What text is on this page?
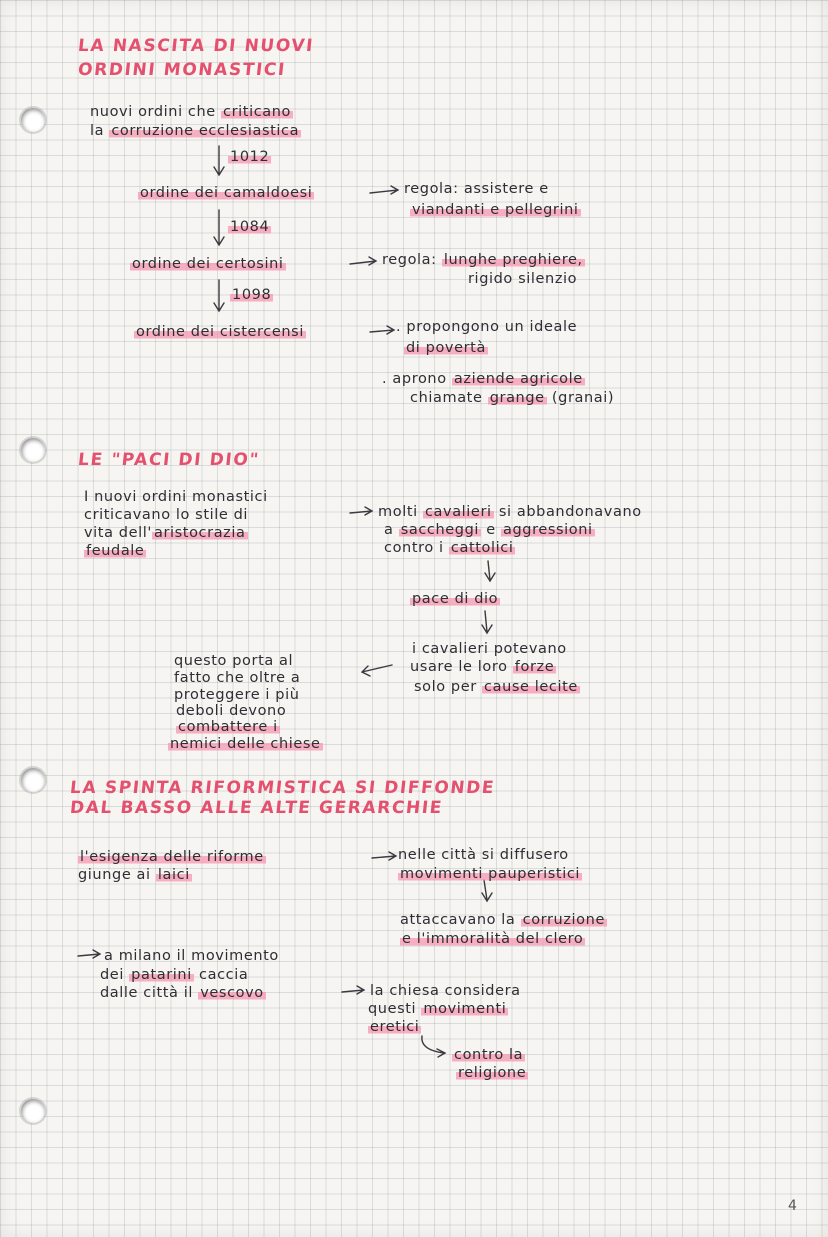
LA NASCITA DI NUOVI
ORDINI MONASTICI
nuovi ordini che criticano
la corruzione ecclesiastica
1012
ordine dei camaldoesi	regola: assistere e
viandanti e pellegrini
1084
ordine dei certosini	regola: lunghe preghiere,
rigido silenzio
1098
ordine dei cistercensi	. propongono un ideale
di povertà
. aprono aziende agricole
chiamate grange (granai)
LE "PACI DI DIO"
I nuovi ordini monastici
criticavano lo stile di
vita dell' aristocrazia
feudale
molti cavalieri si abbandonavano
a saccheggi e aggressioni
contro i cattolici
pace di dio
i cavalieri potevano
usare le loro forze
solo per cause lecite
questo porta al
fatto che oltre a
proteggere i più
deboli devono
combattere i
nemici delle chiese
LA SPINTA RIFORMISTICA SI DIFFONDE
DAL BASSO ALLE ALTE GERARCHIE
l'esigenza delle riforme
giunge ai laici
nelle città si diffusero
movimenti pauperistici
attaccavano la corruzione
e l'immoralità del clero
a milano il movimento
dei patarini caccia
dalle città il vescovo	la chiesa considera
questi movimenti
eretici
contro la
religione
4
